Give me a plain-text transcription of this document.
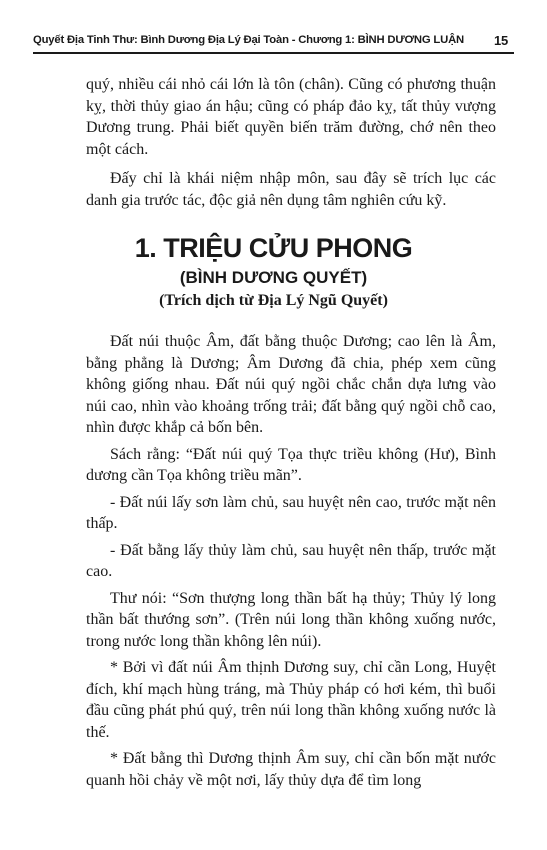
Quyết Địa Tinh Thư: Bình Dương Địa Lý Đại Toàn - Chương 1: BÌNH DƯƠNG LUẬN 15

quý, nhiều cái nhỏ cái lớn là tôn (chân). Cũng có phương thuận kỵ, thời thủy giao án hậu; cũng có pháp đảo kỵ, tất thủy vượng Dương trung. Phải biết quyền biến trăm đường, chớ nên theo một cách.

Đấy chỉ là khái niệm nhập môn, sau đây sẽ trích lục các danh gia trước tác, độc giả nên dụng tâm nghiên cứu kỹ.

1. TRIỆU CỬU PHONG
(BÌNH DƯƠNG QUYẾT)
(Trích dịch từ Địa Lý Ngũ Quyết)

Đất núi thuộc Âm, đất bằng thuộc Dương; cao lên là Âm, bằng phẳng là Dương; Âm Dương đã chia, phép xem cũng không giống nhau. Đất núi quý ngồi chắc chắn dựa lưng vào núi cao, nhìn vào khoảng trống trải; đất bằng quý ngồi chỗ cao, nhìn được khắp cả bốn bên.

Sách rằng: “Đất núi quý Tọa thực triều không (Hư), Bình dương cần Tọa không triều mãn”.

- Đất núi lấy sơn làm chủ, sau huyệt nên cao, trước mặt nên thấp.

- Đất bằng lấy thủy làm chủ, sau huyệt nên thấp, trước mặt cao.

Thư nói: “Sơn thượng long thần bất hạ thủy; Thủy lý long thần bất thướng sơn”. (Trên núi long thần không xuống nước, trong nước long thần không lên núi).

* Bởi vì đất núi Âm thịnh Dương suy, chỉ cần Long, Huyệt đích, khí mạch hùng tráng, mà Thủy pháp có hơi kém, thì buổi đầu cũng phát phú quý, trên núi long thần không xuống nước là thế.

* Đất bằng thì Dương thịnh Âm suy, chỉ cần bốn mặt nước quanh hồi chảy về một nơi, lấy thủy dựa để tìm long
